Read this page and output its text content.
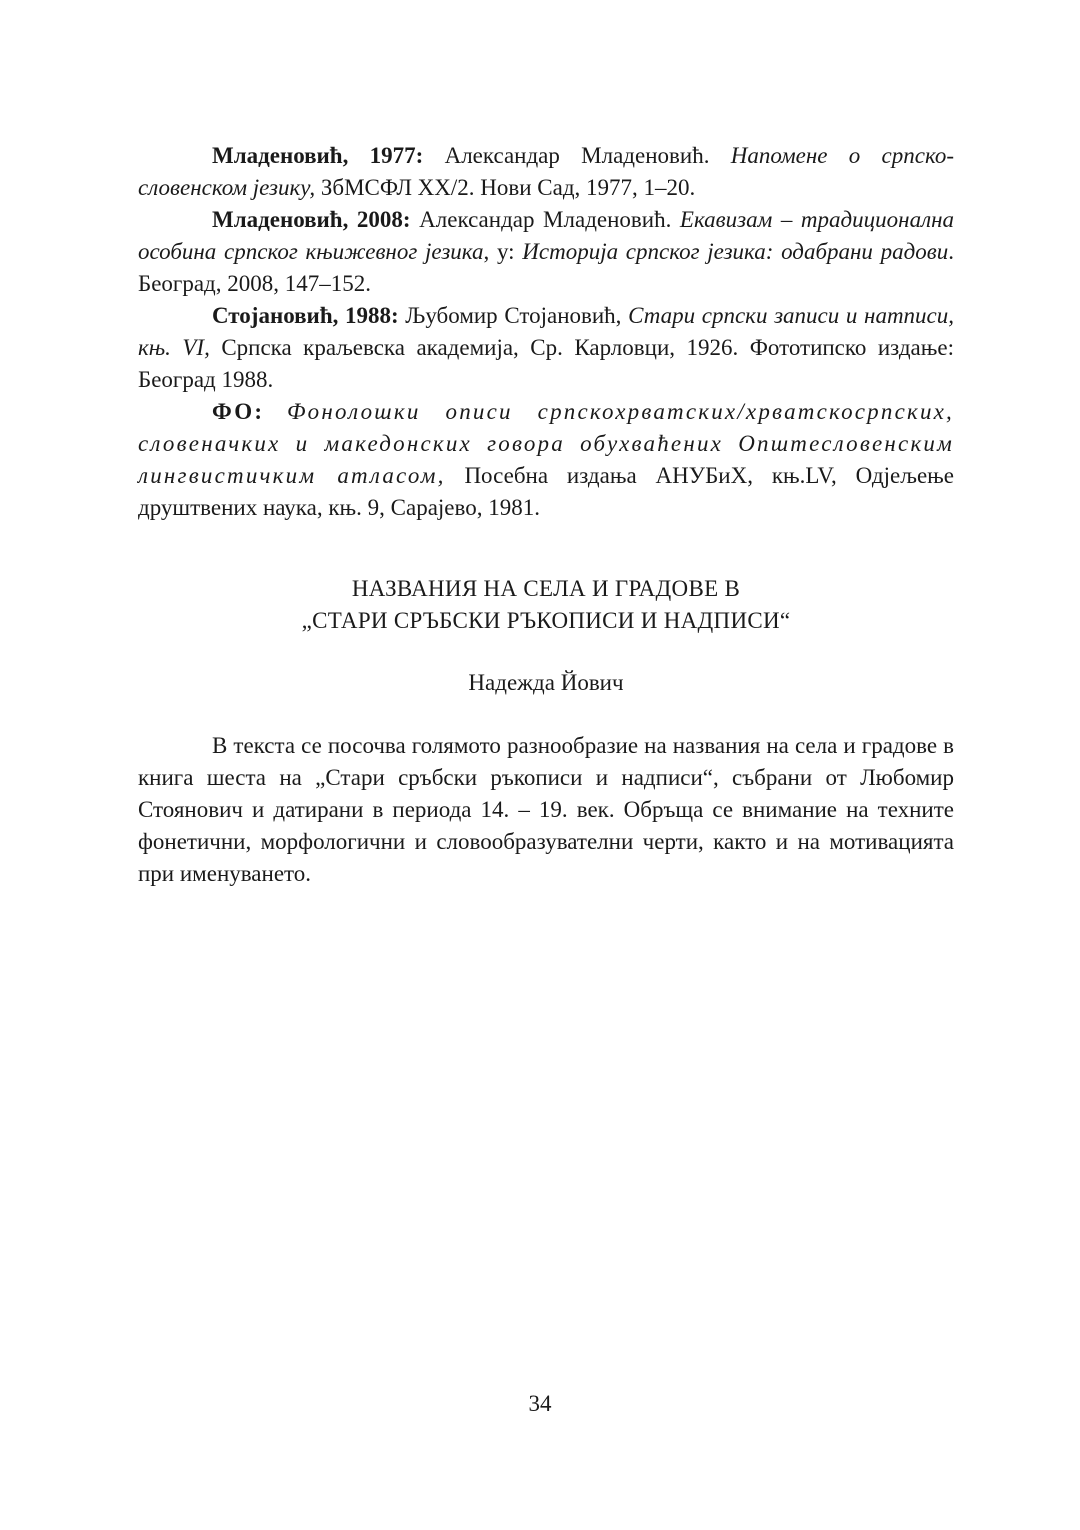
Младеновић, 1977: Александар Младеновић. Напомене о српско-словенском језику, ЗбМСФЛ XX/2. Нови Сад, 1977, 1–20.

Младеновић, 2008: Александар Младеновић. Екавизам – традиционална особина српског књижевног језика, у: Историја српског језика: одабрани радови. Београд, 2008, 147–152.

Стојановић, 1988: Љубомир Стојановић, Стари српски записи и натписи, књ. VI, Српска краљевска академија, Ср. Карловци, 1926. Фототипско издање: Београд 1988.

ФО: Фонолошки описи српскохрватских/хрватскосрпских, словеначких и македонских говора обухваћених Општесловенским лингвистичким атласом, Посебна издања АНУБиХ, књ.LV, Одјељење друштвених наука, књ. 9, Сарајево, 1981.

НАЗВАНИЯ НА СЕЛА И ГРАДОВЕ В
„СТАРИ СРЪБСКИ РЪКОПИСИ И НАДПИСИ“
Надежда Йович
В текста се посочва голямото разнообразие на названия на села и градове в книга шеста на „Стари сръбски ръкописи и надписи“, събрани от Любомир Стоянович и датирани в периода 14. – 19. век. Обръща се внимание на техните фонетични, морфологични и словообразувателни черти, както и на мотивацията при именуването.
34
